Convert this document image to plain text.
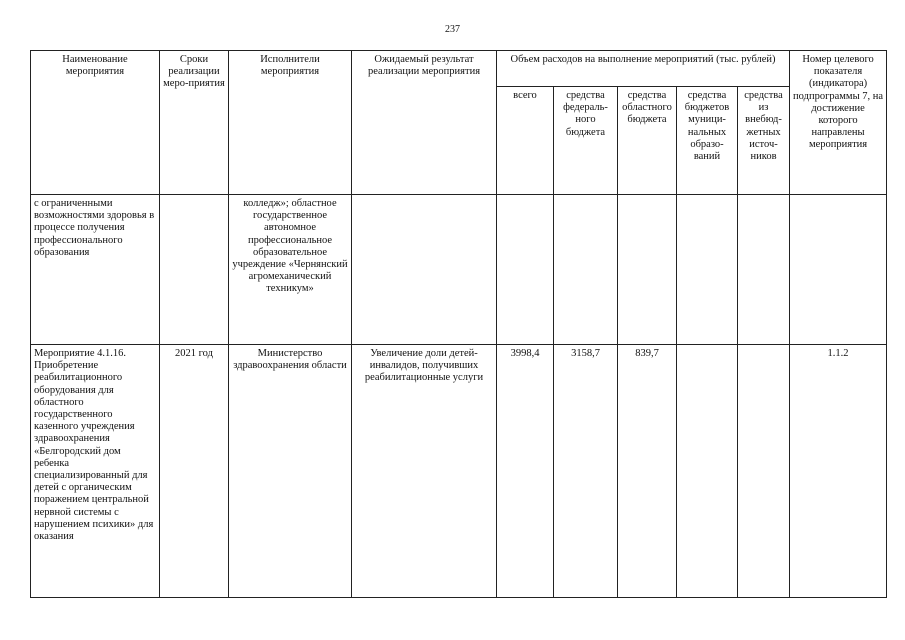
237
Наименование мероприятия	Сроки реализации меро-приятия	Исполнители мероприятия	Ожидаемый результат реализации мероприятия	Объем расходов на выполнение мероприятий (тыс. рублей)					Номер целевого показателя (индикатора) подпрограммы 7, на достижение которого направлены мероприятия
				всего	средства федераль-ного бюджета	средства областного бюджета	средства бюджетов муници-нальных образо-ваний	средства из внебюд-жетных источ-ников	
с ограниченными возможностями здоровья в процессе получения профессионального образования		колледж»; областное государственное автономное профессиональное образовательное учреждение «Чернянский агромеханический техникум»							
Мероприятие 4.1.16. Приобретение реабилитационного оборудования для областного государственного казенного учреждения здравоохранения «Белгородский дом ребенка специализированный для детей с органическим поражением центральной нервной системы с нарушением психики» для оказания	2021 год	Министерство здравоохранения области	Увеличение доли детей-инвалидов, получивших реабилитационные услуги	3998,4	3158,7	839,7			1.1.2
